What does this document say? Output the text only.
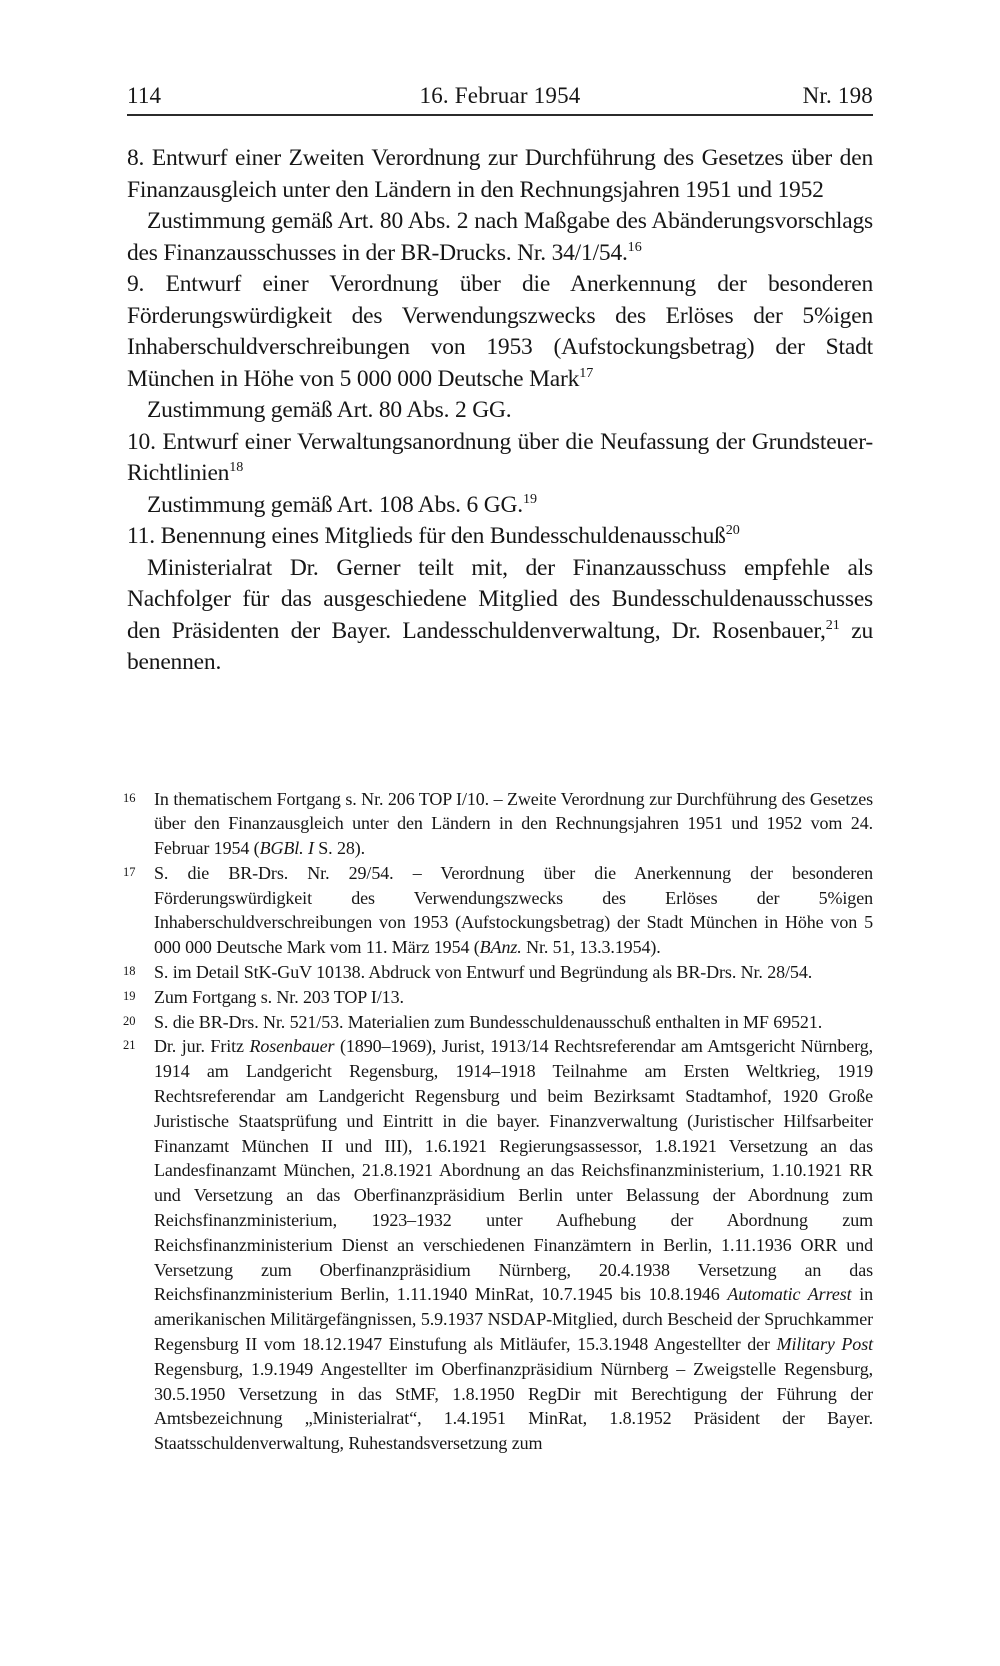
114	16. Februar 1954	Nr. 198

8. Entwurf einer Zweiten Verordnung zur Durchführung des Gesetzes über den Finanzausgleich unter den Ländern in den Rechnungsjahren 1951 und 1952

Zustimmung gemäß Art. 80 Abs. 2 nach Maßgabe des Abänderungsvorschlags des Finanzausschusses in der BR-Drucks. Nr. 34/1/54.16

9. Entwurf einer Verordnung über die Anerkennung der besonderen Förderungswürdigkeit des Verwendungszwecks des Erlöses der 5%igen Inhaberschuldverschreibungen von 1953 (Aufstockungsbetrag) der Stadt München in Höhe von 5 000 000 Deutsche Mark$^{17}$

Zustimmung gemäß Art. 80 Abs. 2 GG.

10. Entwurf einer Verwaltungsanordnung über die Neufassung der Grundsteuer-Richtlinien$^{18}$

Zustimmung gemäß Art. 108 Abs. 6 GG.$^{19}$

11. Benennung eines Mitglieds für den Bundesschuldenausschuß$^{20}$

Ministerialrat Dr. Gerner teilt mit, der Finanzausschuss empfehle als Nachfolger für das ausgeschiedene Mitglied des Bundesschuldenausschusses den Präsidenten der Bayer. Landesschuldenverwaltung, Dr. Rosenbauer,$^{21}$ zu benennen.

16 In thematischem Fortgang s. Nr. 206 TOP I/10. – Zweite Verordnung zur Durchführung des Gesetzes über den Finanzausgleich unter den Ländern in den Rechnungsjahren 1951 und 1952 vom 24. Februar 1954 (BGBl. I S. 28).
17 S. die BR-Drs. Nr. 29/54. – Verordnung über die Anerkennung der besonderen Förderungswürdigkeit des Verwendungszwecks des Erlöses der 5%igen Inhaberschuldverschreibungen von 1953 (Aufstockungsbetrag) der Stadt München in Höhe von 5 000 000 Deutsche Mark vom 11. März 1954 (BAnz. Nr. 51, 13.3.1954).
18 S. im Detail StK-GuV 10138. Abdruck von Entwurf und Begründung als BR-Drs. Nr. 28/54.
19 Zum Fortgang s. Nr. 203 TOP I/13.
20 S. die BR-Drs. Nr. 521/53. Materialien zum Bundesschuldenausschuß enthalten in MF 69521.
21 Dr. jur. Fritz Rosenbauer (1890–1969), Jurist, 1913/14 Rechtsreferendar am Amtsgericht Nürnberg, 1914 am Landgericht Regensburg, 1914–1918 Teilnahme am Ersten Weltkrieg, 1919 Rechtsreferendar am Landgericht Regensburg und beim Bezirksamt Stadtamhof, 1920 Große Juristische Staatsprüfung und Eintritt in die bayer. Finanzverwaltung (Juristischer Hilfsarbeiter Finanzamt München II und III), 1.6.1921 Regierungsassessor, 1.8.1921 Versetzung an das Landesfinanzamt München, 21.8.1921 Abordnung an das Reichsfinanzministerium, 1.10.1921 RR und Versetzung an das Oberfinanzpräsidium Berlin unter Belassung der Abordnung zum Reichsfinanzministerium, 1923–1932 unter Aufhebung der Abordnung zum Reichsfinanzministerium Dienst an verschiedenen Finanzämtern in Berlin, 1.11.1936 ORR und Versetzung zum Oberfinanzpräsidium Nürnberg, 20.4.1938 Versetzung an das Reichsfinanzministerium Berlin, 1.11.1940 MinRat, 10.7.1945 bis 10.8.1946 Automatic Arrest in amerikanischen Militärgefängnissen, 5.9.1937 NSDAP-Mitglied, durch Bescheid der Spruchkammer Regensburg II vom 18.12.1947 Einstufung als Mitläufer, 15.3.1948 Angestellter der Military Post Regensburg, 1.9.1949 Angestellter im Oberfinanzpräsidium Nürnberg – Zweigstelle Regensburg, 30.5.1950 Versetzung in das StMF, 1.8.1950 RegDir mit Berechtigung der Führung der Amtsbezeichnung „Ministerialrat“, 1.4.1951 MinRat, 1.8.1952 Präsident der Bayer. Staatsschuldenverwaltung, Ruhestandsversetzung zum
